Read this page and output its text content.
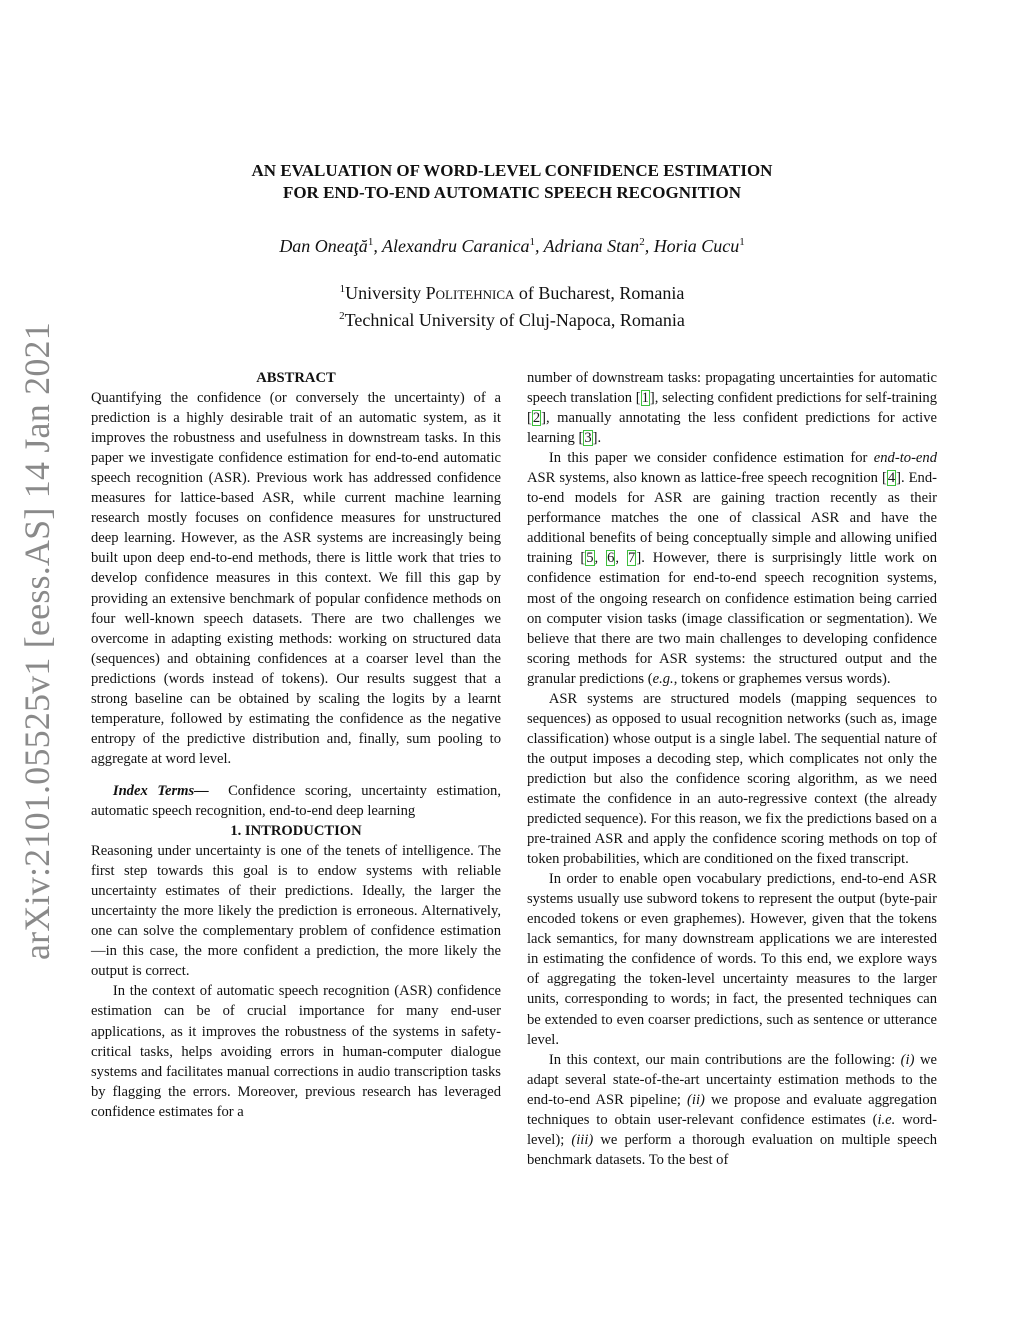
AN EVALUATION OF WORD-LEVEL CONFIDENCE ESTIMATION
FOR END-TO-END AUTOMATIC SPEECH RECOGNITION
Dan Oneaţă$^1$, Alexandru Caranica$^1$, Adriana Stan$^2$, Horia Cucu$^1$
$^1$University Politehnica of Bucharest, Romania
$^2$Technical University of Cluj-Napoca, Romania
arXiv:2101.05525v1 [eess.AS] 14 Jan 2021	ABSTRACT

Quantifying the confidence (or conversely the uncertainty) of a prediction is a highly desirable trait of an automatic system, as it improves the robustness and usefulness in downstream tasks. In this paper we investigate confidence estimation for end-to-end automatic speech recognition (ASR). Previous work has addressed confidence measures for lattice-based ASR, while current machine learning research mostly focuses on confidence measures for unstructured deep learning. However, as the ASR systems are increasingly being built upon deep end-to-end methods, there is little work that tries to develop confidence measures in this context. We fill this gap by providing an extensive benchmark of popular confidence methods on four well-known speech datasets. There are two challenges we overcome in adapting existing methods: working on structured data (sequences) and obtaining confidences at a coarser level than the predictions (words instead of tokens). Our results suggest that a strong baseline can be obtained by scaling the logits by a learnt temperature, followed by estimating the confidence as the negative entropy of the predictive distribution and, finally, sum pooling to aggregate at word level.

Index Terms— Confidence scoring, uncertainty estimation, automatic speech recognition, end-to-end deep learning

1. INTRODUCTION

Reasoning under uncertainty is one of the tenets of intelligence. The first step towards this goal is to endow systems with reliable uncertainty estimates of their predictions. Ideally, the larger the uncertainty the more likely the prediction is erroneous. Alternatively, one can solve the complementary problem of confidence estimation—in this case, the more confident a prediction, the more likely the output is correct.

In the context of automatic speech recognition (ASR) confidence estimation can be of crucial importance for many end-user applications, as it improves the robustness of the systems in safety-critical tasks, helps avoiding errors in human-computer dialogue systems and facilitates manual corrections in audio transcription tasks by flagging the errors. Moreover, previous research has leveraged confidence estimates for a

number of downstream tasks: propagating uncertainties for automatic speech translation [1], selecting confident predictions for self-training [2], manually annotating the less confident predictions for active learning [3].

In this paper we consider confidence estimation for end-to-end ASR systems, also known as lattice-free speech recognition [4]. End-to-end models for ASR are gaining traction recently as their performance matches the one of classical ASR and have the additional benefits of being conceptually simple and allowing unified training [5, 6, 7]. However, there is surprisingly little work on confidence estimation for end-to-end speech recognition systems, most of the ongoing research on confidence estimation being carried on computer vision tasks (image classification or segmentation). We believe that there are two main challenges to developing confidence scoring methods for ASR systems: the structured output and the granular predictions (e.g., tokens or graphemes versus words).

ASR systems are structured models (mapping sequences to sequences) as opposed to usual recognition networks (such as, image classification) whose output is a single label. The sequential nature of the output imposes a decoding step, which complicates not only the prediction but also the confidence scoring algorithm, as we need estimate the confidence in an auto-regressive context (the already predicted sequence). For this reason, we fix the predictions based on a pre-trained ASR and apply the confidence scoring methods on top of token probabilities, which are conditioned on the fixed transcript.

In order to enable open vocabulary predictions, end-to-end ASR systems usually use subword tokens to represent the output (byte-pair encoded tokens or even graphemes). However, given that the tokens lack semantics, for many downstream applications we are interested in estimating the confidence of words. To this end, we explore ways of aggregating the token-level uncertainty measures to the larger units, corresponding to words; in fact, the presented techniques can be extended to even coarser predictions, such as sentence or utterance level.

In this context, our main contributions are the following: (i) we adapt several state-of-the-art uncertainty estimation methods to the end-to-end ASR pipeline; (ii) we propose and evaluate aggregation techniques to obtain user-relevant confidence estimates (i.e. word-level); (iii) we perform a thorough evaluation on multiple speech benchmark datasets. To the best of
